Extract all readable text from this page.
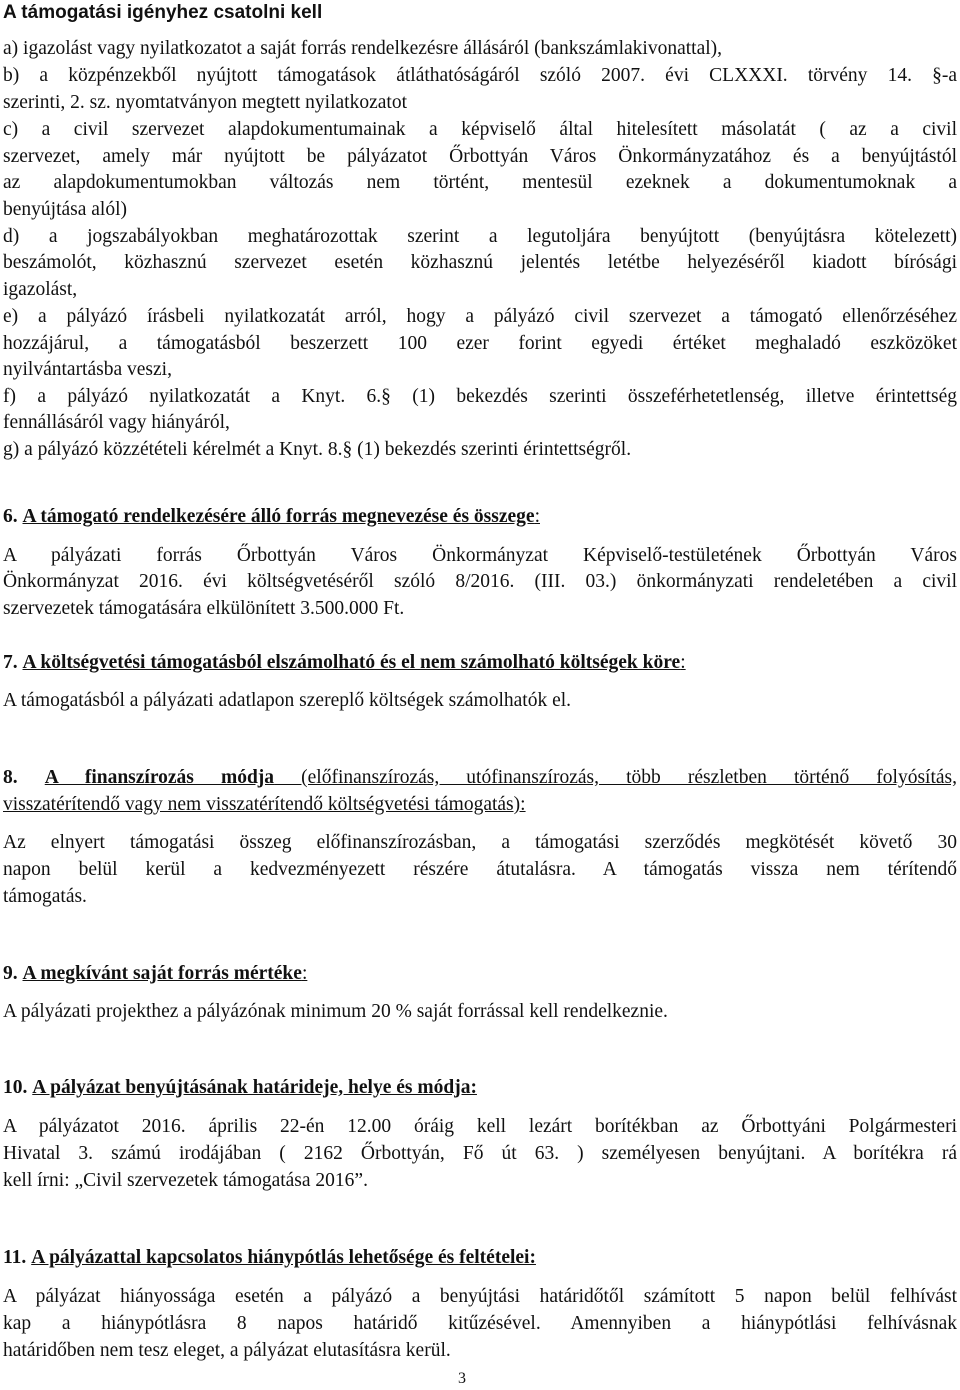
A támogatási igényhez csatolni kell
a) igazolást vagy nyilatkozatot a saját forrás rendelkezésre állásáról (bankszámlakivonattal),
b) a közpénzekből nyújtott támogatások átláthatóságáról szóló 2007. évi CLXXXI. törvény 14. §-a
szerinti, 2. sz. nyomtatványon megtett nyilatkozatot
c) a civil szervezet alapdokumentumainak a képviselő által hitelesített másolatát ( az a civil
szervezet, amely már nyújtott be pályázatot Őrbottyán Város Önkormányzatához és a benyújtástól
az alapdokumentumokban változás nem történt, mentesül ezeknek a dokumentumoknak a
benyújtása alól)
d) a jogszabályokban meghatározottak szerint a legutoljára benyújtott (benyújtásra kötelezett)
beszámolót, közhasznú szervezet esetén közhasznú jelentés letétbe helyezéséről kiadott bírósági
igazolást,
e) a pályázó írásbeli nyilatkozatát arról, hogy a pályázó civil szervezet a támogató ellenőrzéséhez
hozzájárul, a támogatásból beszerzett 100 ezer forint egyedi értéket meghaladó eszközöket
nyilvántartásba veszi,
f) a pályázó nyilatkozatát a Knyt. 6.§ (1) bekezdés szerinti összeférhetetlenség, illetve érintettség
fennállásáról vagy hiányáról,
g) a pályázó közzétételi kérelmét a Knyt. 8.§ (1) bekezdés szerinti érintettségről.
6. A támogató rendelkezésére álló forrás megnevezése és összege:
A pályázati forrás Őrbottyán Város Önkormányzat Képviselő-testületének Őrbottyán Város
Önkormányzat 2016. évi költségvetéséről szóló 8/2016. (III. 03.) önkormányzati rendeletében a civil
szervezetek támogatására elkülönített 3.500.000 Ft.
7. A költségvetési támogatásból elszámolható és el nem számolható költségek köre:
A támogatásból a pályázati adatlapon szereplő költségek számolhatók el.
8. A finanszírozás módja (előfinanszírozás, utófinanszírozás, több részletben történő folyósítás,
visszatérítendő vagy nem visszatérítendő költségvetési támogatás):
Az elnyert támogatási összeg előfinanszírozásban, a támogatási szerződés megkötését követő 30
napon belül kerül a kedvezményezett részére átutalásra. A támogatás vissza nem térítendő
támogatás.
9. A megkívánt saját forrás mértéke:
A pályázati projekthez a pályázónak minimum 20 % saját forrással kell rendelkeznie.
10. A pályázat benyújtásának határideje, helye és módja:
A pályázatot 2016. április 22-én 12.00 óráig kell lezárt borítékban az Őrbottyáni Polgármesteri
Hivatal 3. számú irodájában ( 2162 Őrbottyán, Fő út 63. ) személyesen benyújtani. A borítékra rá
kell írni: „Civil szervezetek támogatása 2016”.
11. A pályázattal kapcsolatos hiánypótlás lehetősége és feltételei:
A pályázat hiányossága esetén a pályázó a benyújtási határidőtől számított 5 napon belül felhívást
kap a hiánypótlásra 8 napos határidő kitűzésével. Amennyiben a hiánypótlási felhívásnak
határidőben nem tesz eleget, a pályázat elutasításra kerül.
3
